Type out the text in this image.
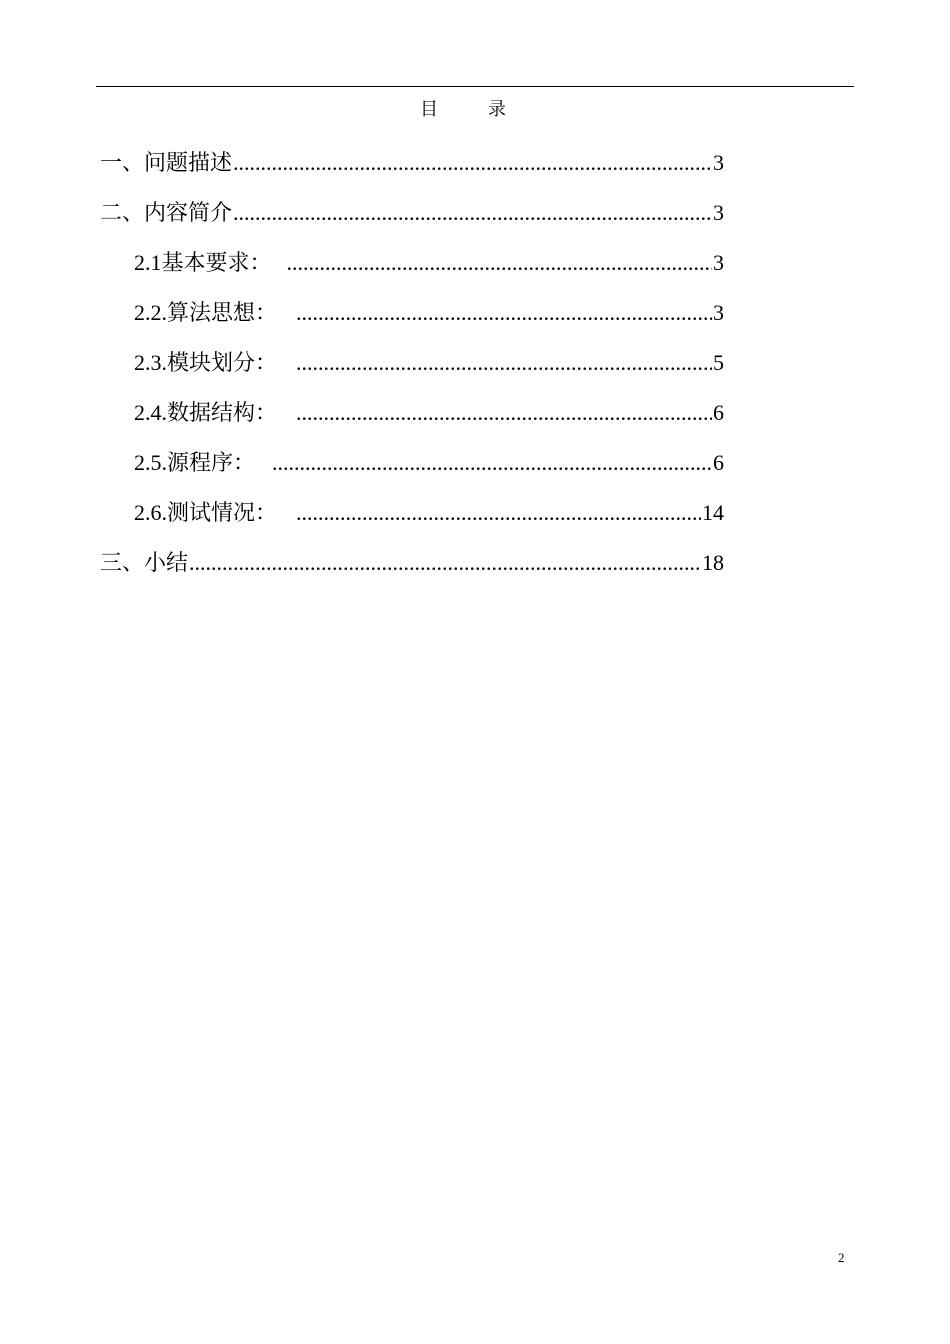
目	录
一、 问题描述 .....	3
二、 内容简介 .....	3
2.1 基本要求： .....	3
2.2. 算法思想： .....	3
2.3. 模块划分： .....	5
2.4. 数据结构： .....	6
2.5. 源程序： .....	6
2.6. 测试情况： .....	14
三、 小结 .....	18
2
